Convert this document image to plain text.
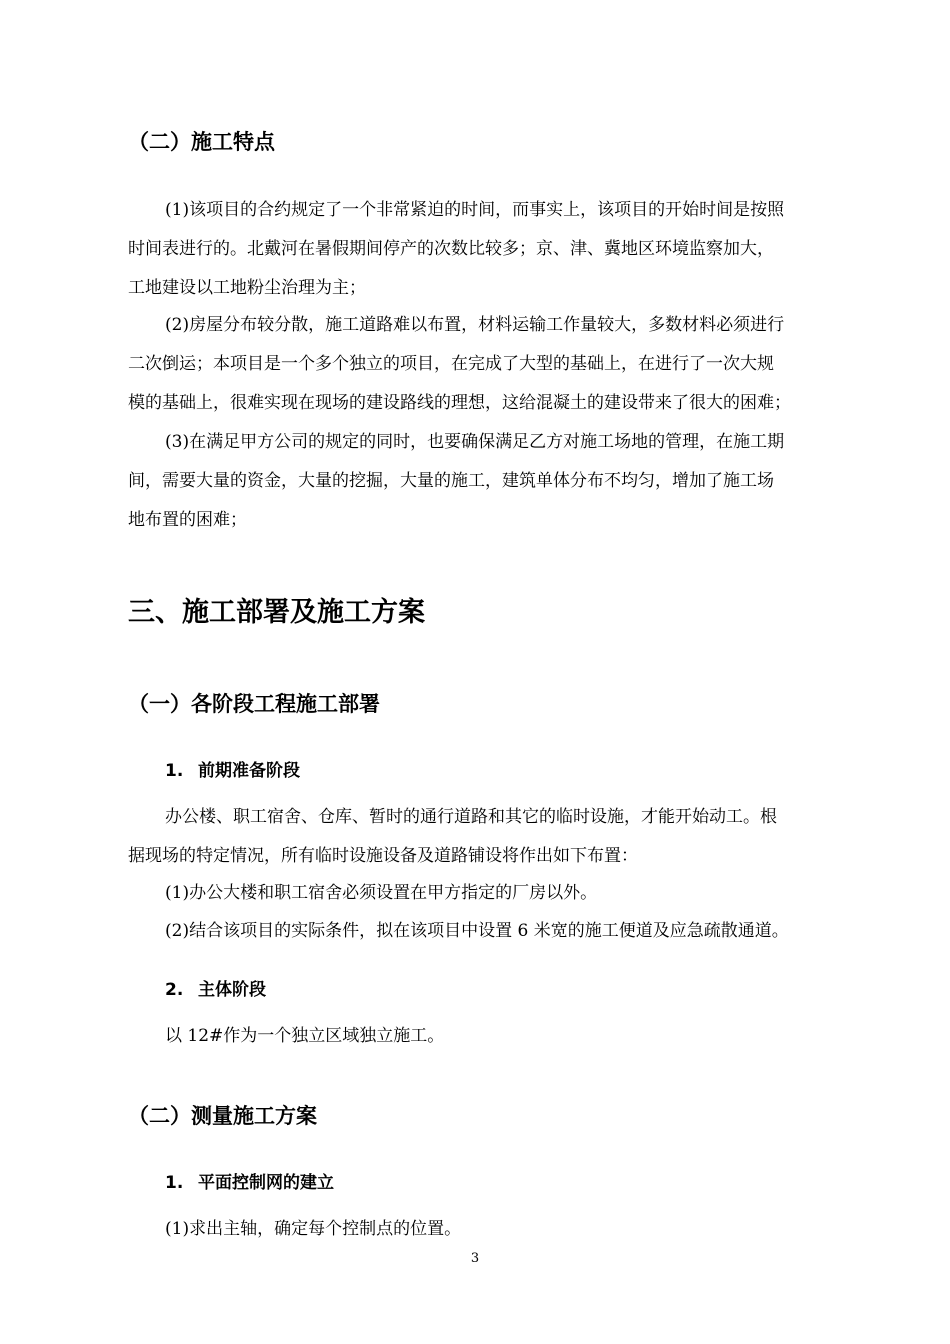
（二）施工特点
(1)该项目的合约规定了一个非常紧迫的时间，而事实上，该项目的开始时间是按照
时间表进行的。北戴河在暑假期间停产的次数比较多；京、津、冀地区环境监察加大，
工地建设以工地粉尘治理为主；
(2)房屋分布较分散，施工道路难以布置，材料运输工作量较大，多数材料必须进行
二次倒运；本项目是一个多个独立的项目，在完成了大型的基础上，在进行了一次大规
模的基础上，很难实现在现场的建设路线的理想，这给混凝土的建设带来了很大的困难；
(3)在满足甲方公司的规定的同时，也要确保满足乙方对施工场地的管理，在施工期
间，需要大量的资金，大量的挖掘，大量的施工，建筑单体分布不均匀，增加了施工场
地布置的困难；
三、施工部署及施工方案
（一）各阶段工程施工部署
1. 前期准备阶段
办公楼、职工宿舍、仓库、暂时的通行道路和其它的临时设施，才能开始动工。根
据现场的特定情况，所有临时设施设备及道路铺设将作出如下布置：
(1)办公大楼和职工宿舍必须设置在甲方指定的厂房以外。
(2)结合该项目的实际条件，拟在该项目中设置 6 米宽的施工便道及应急疏散通道。
2. 主体阶段
以 12#作为一个独立区域独立施工。
（二）测量施工方案
1. 平面控制网的建立
(1)求出主轴，确定每个控制点的位置。
3
